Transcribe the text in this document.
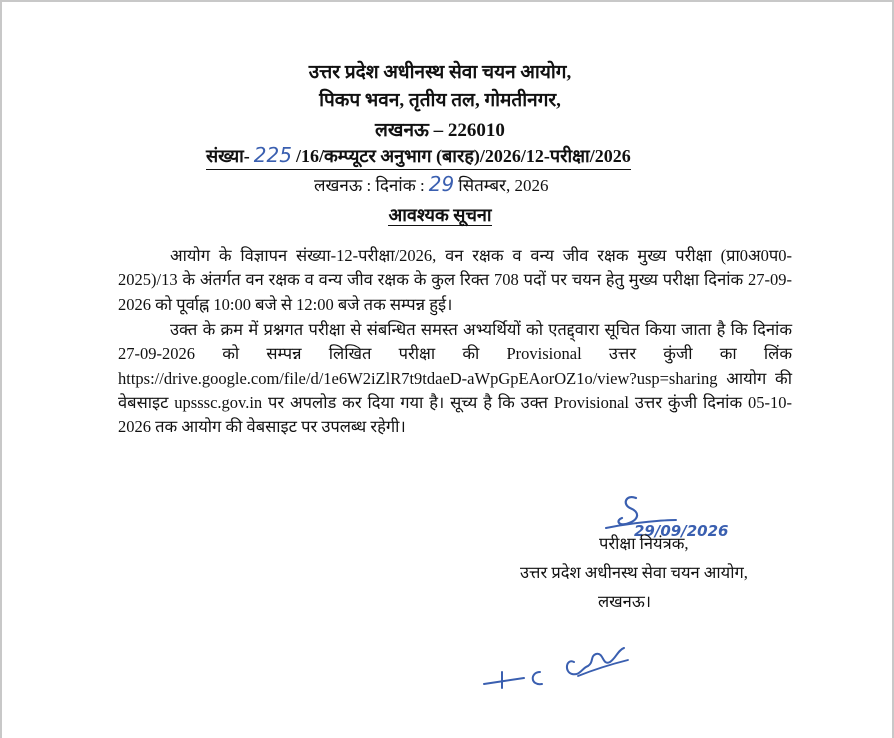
उत्तर प्रदेश अधीनस्थ सेवा चयन आयोग,
पिकप भवन, तृतीय तल, गोमतीनगर,
लखनऊ – 226010
संख्या- 225 /16/कम्प्यूटर अनुभाग (बारह)/2026/12-परीक्षा/2026
लखनऊ : दिनांक : 29 सितम्बर, 2026
आवश्यक सूचना
आयोग के विज्ञापन संख्या-12-परीक्षा/2026, वन रक्षक व वन्य जीव रक्षक मुख्य परीक्षा (प्रा0अ0प0-2025)/13 के अंतर्गत वन रक्षक व वन्य जीव रक्षक के कुल रिक्त 708 पदों पर चयन हेतु मुख्य परीक्षा दिनांक 27-09-2026 को पूर्वाह्न 10:00 बजे से 12:00 बजे तक सम्पन्न हुई।
उक्त के क्रम में प्रश्नगत परीक्षा से संबन्धित समस्त अभ्यर्थियों को एतद्द्वारा सूचित किया जाता है कि दिनांक 27-09-2026 को सम्पन्न लिखित परीक्षा की Provisional उत्तर कुंजी का लिंक https://drive.google.com/file/d/1e6W2iZlR7t9tdaeD-aWpGpEAorOZ1o/view?usp=sharing आयोग की वेबसाइट upsssc.gov.in पर अपलोड कर दिया गया है। सूच्य है कि उक्त Provisional उत्तर कुंजी दिनांक 05-10-2026 तक आयोग की वेबसाइट पर उपलब्ध रहेगी।
29/09/2026
परीक्षा नियंत्रक,
उत्तर प्रदेश अधीनस्थ सेवा चयन आयोग,
लखनऊ।
